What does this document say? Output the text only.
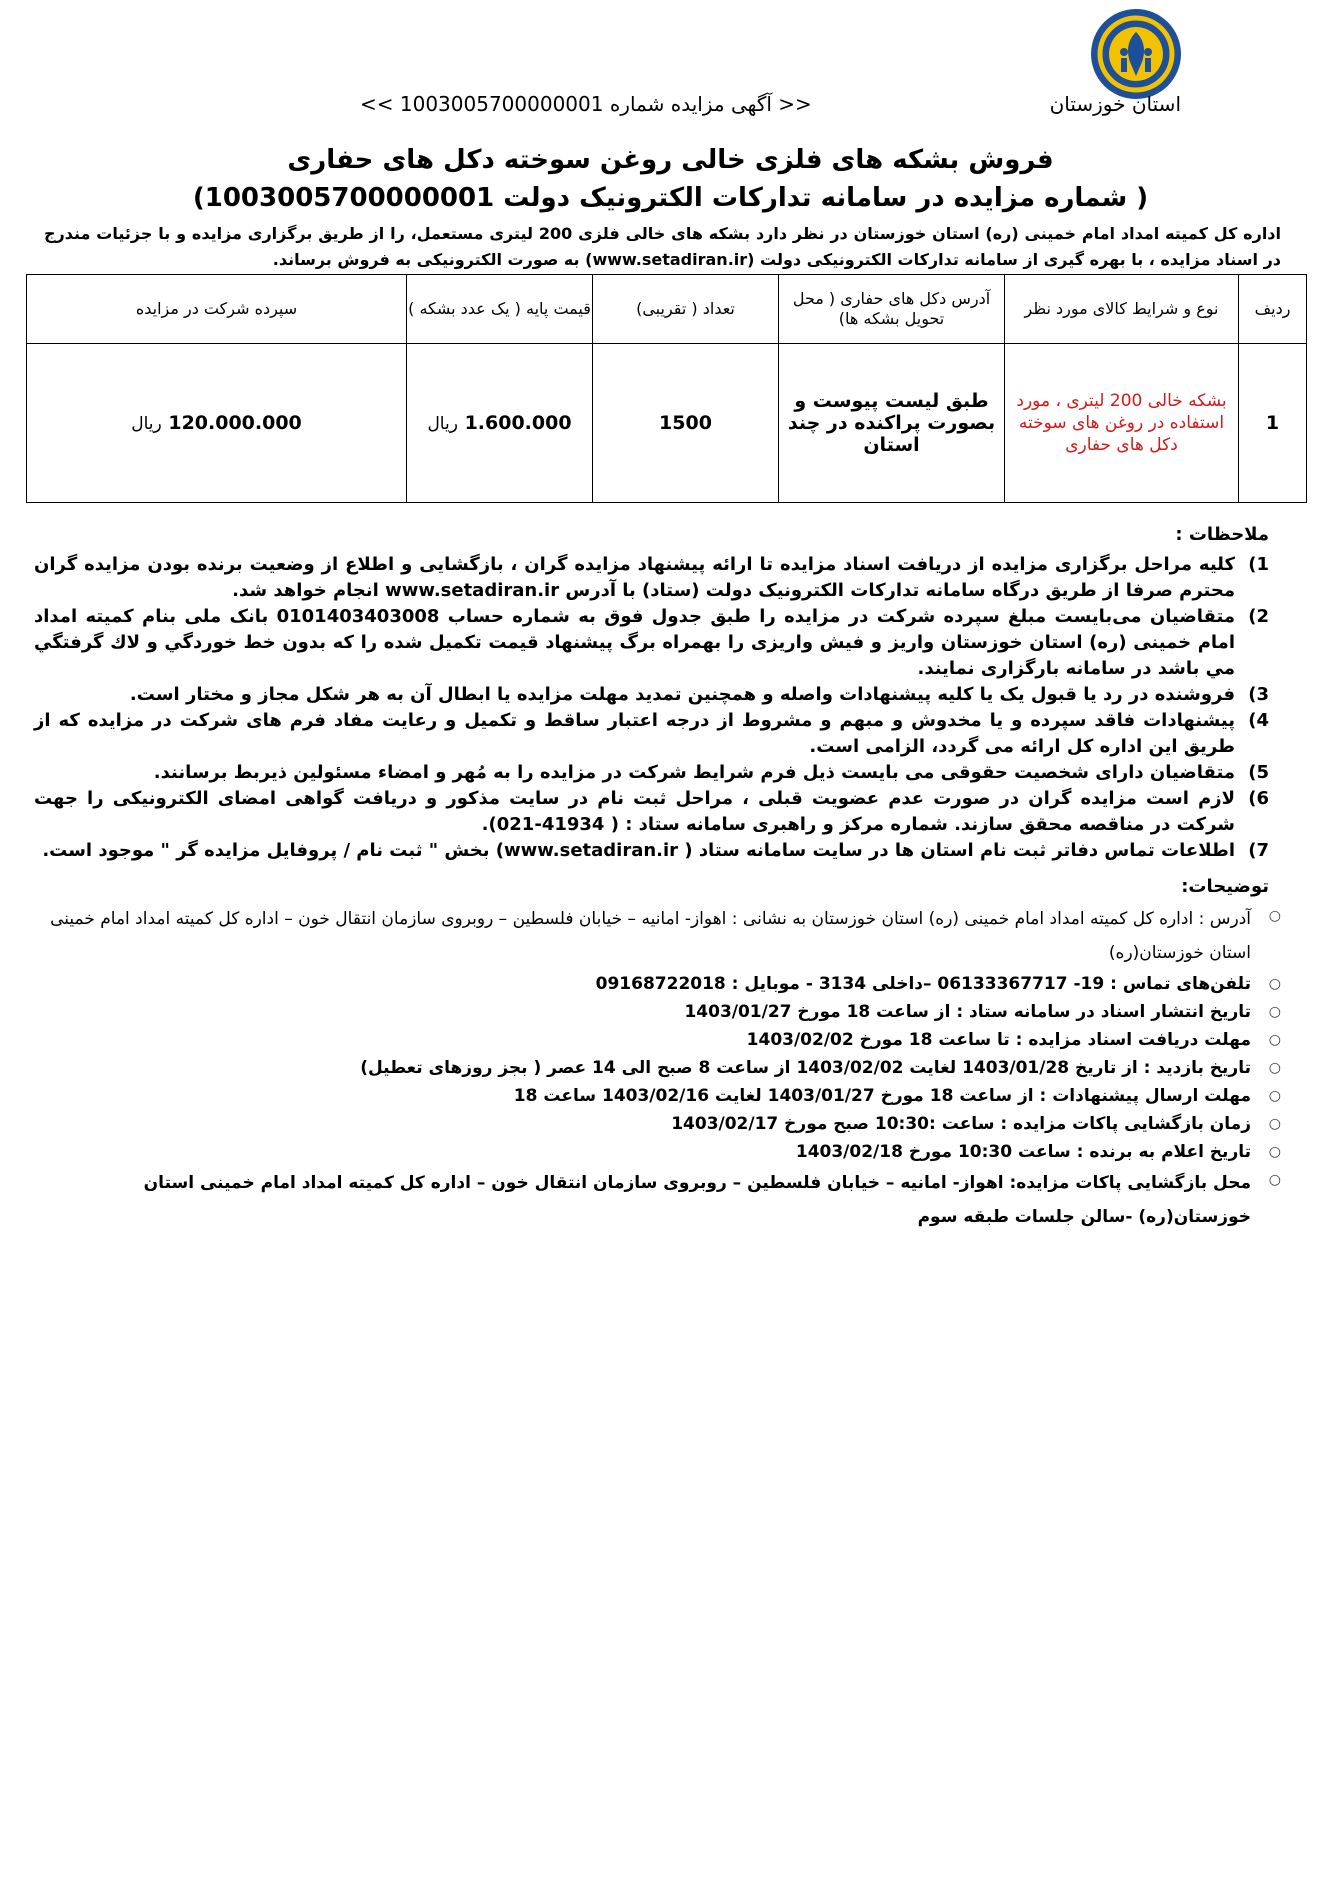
استان خوزستان
<< آگهی مزایده شماره 1003005700000001 >>
فروش بشکه های فلزی خالی روغن سوخته دکل های حفاری
( شماره مزایده در سامانه تدارکات الکترونیک دولت 1003005700000001)
اداره کل کمیته امداد امام خمینی (ره) استان خوزستان در نظر دارد بشکه های خالی فلزی 200 لیتری مستعمل، را از طریق برگزاری مزایده و با جزئیات مندرج در اسناد مزایده ، با بهره گیری از سامانه تدارکات الکترونیکی دولت (www.setadiran.ir) به صورت الکترونیکی به فروش برساند.
ردیف	نوع و شرایط کالای مورد نظر	آدرس دکل های حفاری ( محل تحویل بشکه ها)	تعداد ( تقریبی)	قیمت پایه ( یک عدد بشکه )	سپرده شرکت در مزایده
1	بشکه خالی 200 لیتری ، مورد استفاده در روغن های سوخته دکل های حفاری	طبق لیست پیوست و بصورت پراکنده در چند استان	1500	1.600.000 ریال	120.000.000 ریال
ملاحظات :
1)
کلیه مراحل برگزاری مزایده از دریافت اسناد مزایده تا ارائه پیشنهاد مزایده گران ، بازگشایی و اطلاع از وضعیت برنده بودن مزایده گران محترم صرفا از طریق درگاه سامانه تدارکات الکترونیک دولت (ستاد) با آدرس www.setadiran.ir انجام خواهد شد.
2)
متقاضیان می‌بایست مبلغ سپرده شرکت در مزایده را طبق جدول فوق به شماره حساب 0101403403008 بانک ملی بنام کمیته امداد امام خمینی (ره) استان خوزستان واریز و فیش واریزی را بهمراه برگ پیشنهاد قیمت تکمیل شده را که بدون خط خوردگي و لاك گرفتگي مي باشد در سامانه بارگزاری نمایند.
3)
فروشنده در رد یا قبول یک یا کلیه پیشنهادات واصله و همچنین تمدید مهلت مزایده یا ابطال آن به هر شکل مجاز و مختار است.
4)
پیشنهادات فاقد سپرده و یا مخدوش و مبهم و مشروط از درجه اعتبار ساقط و تکمیل و رعایت مفاد فرم های شرکت در مزایده که از طریق این اداره کل ارائه می گردد، الزامی است.
5)
متقاضیان دارای شخصیت حقوقی می بایست ذیل فرم شرایط شرکت در مزایده را به مُهر و امضاء مسئولین ذیربط برسانند.
6)
لازم است مزایده گران در صورت عدم عضویت قبلی ، مراحل ثبت نام در سایت مذکور و دریافت گواهی امضای الکترونیکی را جهت شرکت در مناقصه محقق سازند. شماره مرکز و راهبری سامانه ستاد : ( 41934-021).
7)
اطلاعات تماس دفاتر ثبت نام استان ها در سایت سامانه ستاد ( www.setadiran.ir) بخش " ثبت نام / پروفایل مزایده گر " موجود است.
توضیحات:
○
آدرس : اداره کل کمیته امداد امام خمینی (ره) استان خوزستان به نشانی : اهواز- امانیه – خیابان فلسطین – روبروی سازمان انتقال خون – اداره کل کمیته امداد امام خمینی استان خوزستان(ره)
○
تلفن‌های تماس : 19- 06133367717 –داخلی 3134 - موبایل : 09168722018
○
تاریخ انتشار اسناد در سامانه ستاد : از ساعت 18 مورخ 1403/01/27
○
مهلت دریافت اسناد مزایده : تا ساعت 18 مورخ 1403/02/02
○
تاریخ بازدید : از تاریخ 1403/01/28 لغایت 1403/02/02 از ساعت 8 صبح الی 14 عصر ( بجز روزهای تعطیل)
○
مهلت ارسال پیشنهادات : از ساعت 18 مورخ 1403/01/27 لغایت 1403/02/16 ساعت 18
○
زمان بازگشایی پاکات مزایده : ساعت :10:30 صبح مورخ 1403/02/17
○
تاریخ اعلام به برنده : ساعت 10:30 مورخ 1403/02/18
○
محل بازگشایی پاکات مزایده: اهواز- امانیه – خیابان فلسطین – روبروی سازمان انتقال خون – اداره کل کمیته امداد امام خمینی استان خوزستان(ره) -سالن جلسات طبقه سوم
